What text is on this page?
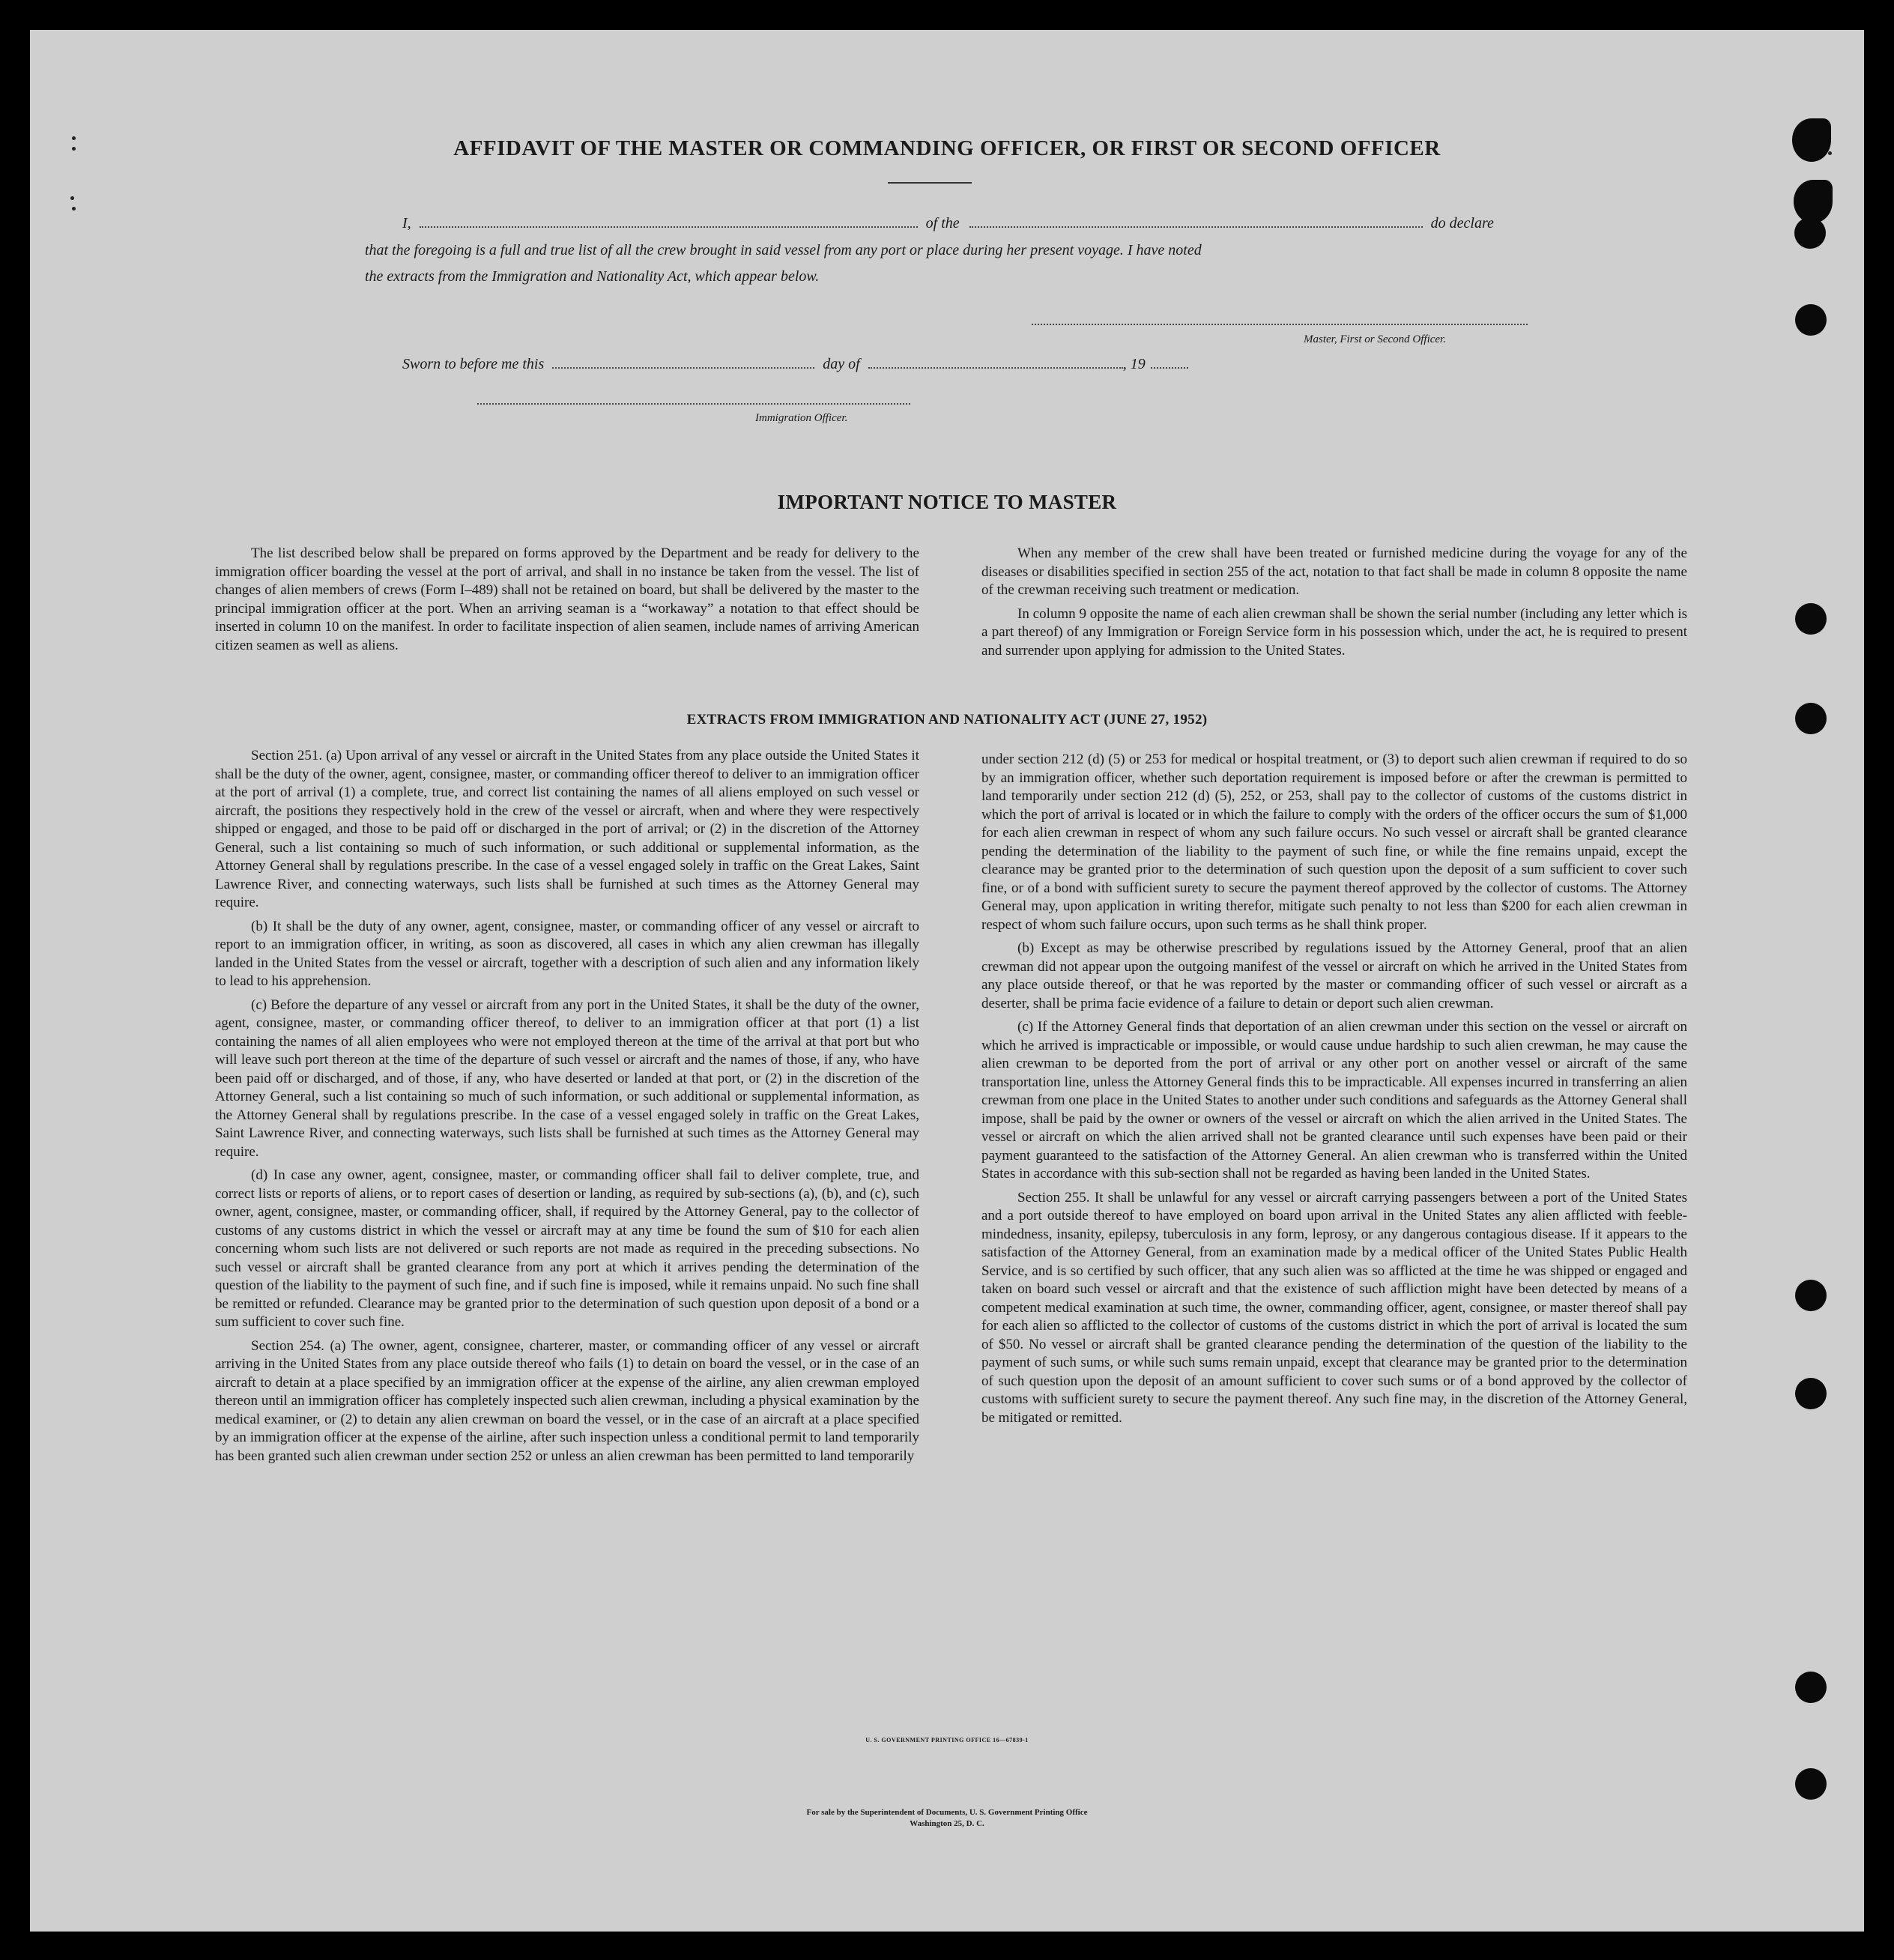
AFFIDAVIT OF THE MASTER OR COMMANDING OFFICER, OR FIRST OR SECOND OFFICER
I,	of the	do declare
that the foregoing is a full and true list of all the crew brought in said vessel from any port or place during her present voyage. I have noted
the extracts from the Immigration and Nationality Act, which appear below.
Master, First or Second Officer.
Sworn to before me this	day of	, 19
Immigration Officer.
IMPORTANT NOTICE TO MASTER

The list described below shall be prepared on forms approved by the Department and be ready for delivery to the immigration officer boarding the vessel at the port of arrival, and shall in no instance be taken from the vessel. The list of changes of alien members of crews (Form I–489) shall not be retained on board, but shall be delivered by the master to the principal immigration officer at the port. When an arriving seaman is a “workaway” a notation to that effect should be inserted in column 10 on the manifest. In order to facilitate inspection of alien seamen, include names of arriving American citizen seamen as well as aliens.

When any member of the crew shall have been treated or furnished medicine during the voyage for any of the diseases or disabilities specified in section 255 of the act, notation to that fact shall be made in column 8 opposite the name of the crewman receiving such treatment or medication.

In column 9 opposite the name of each alien crewman shall be shown the serial number (including any letter which is a part thereof) of any Immigration or Foreign Service form in his possession which, under the act, he is required to present and surrender upon applying for admission to the United States.

EXTRACTS FROM IMMIGRATION AND NATIONALITY ACT (JUNE 27, 1952)

Section 251. (a) Upon arrival of any vessel or aircraft in the United States from any place outside the United States it shall be the duty of the owner, agent, consignee, master, or commanding officer thereof to deliver to an immigration officer at the port of arrival (1) a complete, true, and correct list containing the names of all aliens employed on such vessel or aircraft, the positions they respectively hold in the crew of the vessel or aircraft, when and where they were respectively shipped or engaged, and those to be paid off or discharged in the port of arrival; or (2) in the discretion of the Attorney General, such a list containing so much of such information, or such additional or supplemental information, as the Attorney General shall by regulations prescribe. In the case of a vessel engaged solely in traffic on the Great Lakes, Saint Lawrence River, and connecting waterways, such lists shall be furnished at such times as the Attorney General may require.

(b) It shall be the duty of any owner, agent, consignee, master, or commanding officer of any vessel or aircraft to report to an immigration officer, in writing, as soon as discovered, all cases in which any alien crewman has illegally landed in the United States from the vessel or aircraft, together with a description of such alien and any information likely to lead to his apprehension.

(c) Before the departure of any vessel or aircraft from any port in the United States, it shall be the duty of the owner, agent, consignee, master, or commanding officer thereof, to deliver to an immigration officer at that port (1) a list containing the names of all alien employees who were not employed thereon at the time of the arrival at that port but who will leave such port thereon at the time of the departure of such vessel or aircraft and the names of those, if any, who have been paid off or discharged, and of those, if any, who have deserted or landed at that port, or (2) in the discretion of the Attorney General, such a list containing so much of such information, or such additional or supplemental information, as the Attorney General shall by regulations prescribe. In the case of a vessel engaged solely in traffic on the Great Lakes, Saint Lawrence River, and connecting waterways, such lists shall be furnished at such times as the Attorney General may require.

(d) In case any owner, agent, consignee, master, or commanding officer shall fail to deliver complete, true, and correct lists or reports of aliens, or to report cases of desertion or landing, as required by sub-sections (a), (b), and (c), such owner, agent, consignee, master, or commanding officer, shall, if required by the Attorney General, pay to the collector of customs of any customs district in which the vessel or aircraft may at any time be found the sum of $10 for each alien concerning whom such lists are not delivered or such reports are not made as required in the preceding subsections. No such vessel or aircraft shall be granted clearance from any port at which it arrives pending the determination of the question of the liability to the payment of such fine, and if such fine is imposed, while it remains unpaid. No such fine shall be remitted or refunded. Clearance may be granted prior to the determination of such question upon deposit of a bond or a sum sufficient to cover such fine.

Section 254. (a) The owner, agent, consignee, charterer, master, or commanding officer of any vessel or aircraft arriving in the United States from any place outside thereof who fails (1) to detain on board the vessel, or in the case of an aircraft to detain at a place specified by an immigration officer at the expense of the airline, any alien crewman employed thereon until an immigration officer has completely inspected such alien crewman, including a physical examination by the medical examiner, or (2) to detain any alien crewman on board the vessel, or in the case of an aircraft at a place specified by an immigration officer at the expense of the airline, after such inspection unless a conditional permit to land temporarily has been granted such alien crewman under section 252 or unless an alien crewman has been permitted to land temporarily

under section 212 (d) (5) or 253 for medical or hospital treatment, or (3) to deport such alien crewman if required to do so by an immigration officer, whether such deportation requirement is imposed before or after the crewman is permitted to land temporarily under section 212 (d) (5), 252, or 253, shall pay to the collector of customs of the customs district in which the port of arrival is located or in which the failure to comply with the orders of the officer occurs the sum of $1,000 for each alien crewman in respect of whom any such failure occurs. No such vessel or aircraft shall be granted clearance pending the determination of the liability to the payment of such fine, or while the fine remains unpaid, except the clearance may be granted prior to the determination of such question upon the deposit of a sum sufficient to cover such fine, or of a bond with sufficient surety to secure the payment thereof approved by the collector of customs. The Attorney General may, upon application in writing therefor, mitigate such penalty to not less than $200 for each alien crewman in respect of whom such failure occurs, upon such terms as he shall think proper.

(b) Except as may be otherwise prescribed by regulations issued by the Attorney General, proof that an alien crewman did not appear upon the outgoing manifest of the vessel or aircraft on which he arrived in the United States from any place outside thereof, or that he was reported by the master or commanding officer of such vessel or aircraft as a deserter, shall be prima facie evidence of a failure to detain or deport such alien crewman.

(c) If the Attorney General finds that deportation of an alien crewman under this section on the vessel or aircraft on which he arrived is impracticable or impossible, or would cause undue hardship to such alien crewman, he may cause the alien crewman to be deported from the port of arrival or any other port on another vessel or aircraft of the same transportation line, unless the Attorney General finds this to be impracticable. All expenses incurred in transferring an alien crewman from one place in the United States to another under such conditions and safeguards as the Attorney General shall impose, shall be paid by the owner or owners of the vessel or aircraft on which the alien arrived in the United States. The vessel or aircraft on which the alien arrived shall not be granted clearance until such expenses have been paid or their payment guaranteed to the satisfaction of the Attorney General. An alien crewman who is transferred within the United States in accordance with this sub-section shall not be regarded as having been landed in the United States.

Section 255. It shall be unlawful for any vessel or aircraft carrying passengers between a port of the United States and a port outside thereof to have employed on board upon arrival in the United States any alien afflicted with feeble-mindedness, insanity, epilepsy, tuberculosis in any form, leprosy, or any dangerous contagious disease. If it appears to the satisfaction of the Attorney General, from an examination made by a medical officer of the United States Public Health Service, and is so certified by such officer, that any such alien was so afflicted at the time he was shipped or engaged and taken on board such vessel or aircraft and that the existence of such affliction might have been detected by means of a competent medical examination at such time, the owner, commanding officer, agent, consignee, or master thereof shall pay for each alien so afflicted to the collector of customs of the customs district in which the port of arrival is located the sum of $50. No vessel or aircraft shall be granted clearance pending the determination of the question of the liability to the payment of such sums, or while such sums remain unpaid, except that clearance may be granted prior to the determination of such question upon the deposit of an amount sufficient to cover such sums or of a bond approved by the collector of customs with sufficient surety to secure the payment thereof. Any such fine may, in the discretion of the Attorney General, be mitigated or remitted.

U. S. GOVERNMENT PRINTING OFFICE 16—67839-1
For sale by the Superintendent of Documents, U. S. Government Printing Office
Washington 25, D. C.
